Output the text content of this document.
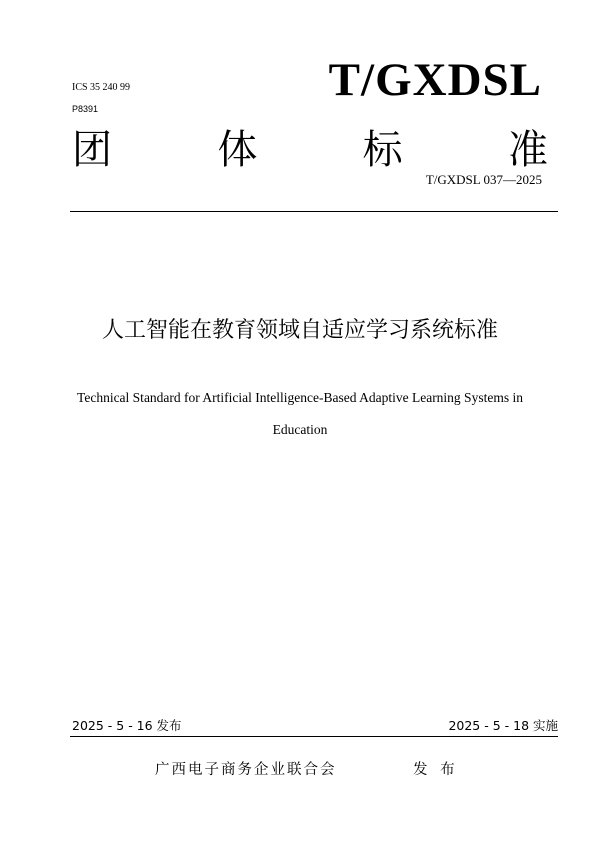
ICS 35 240 99
P8391
T/GXDSL
团	体	标	准
T/GXDSL 037—2025
人工智能在教育领域自适应学习系统标准
Technical Standard for Artificial Intelligence-Based Adaptive Learning Systems in
Education
2025 - 5 - 16 发布	2025 - 5 - 18 实施
广西电子商务企业联合会	发 布
